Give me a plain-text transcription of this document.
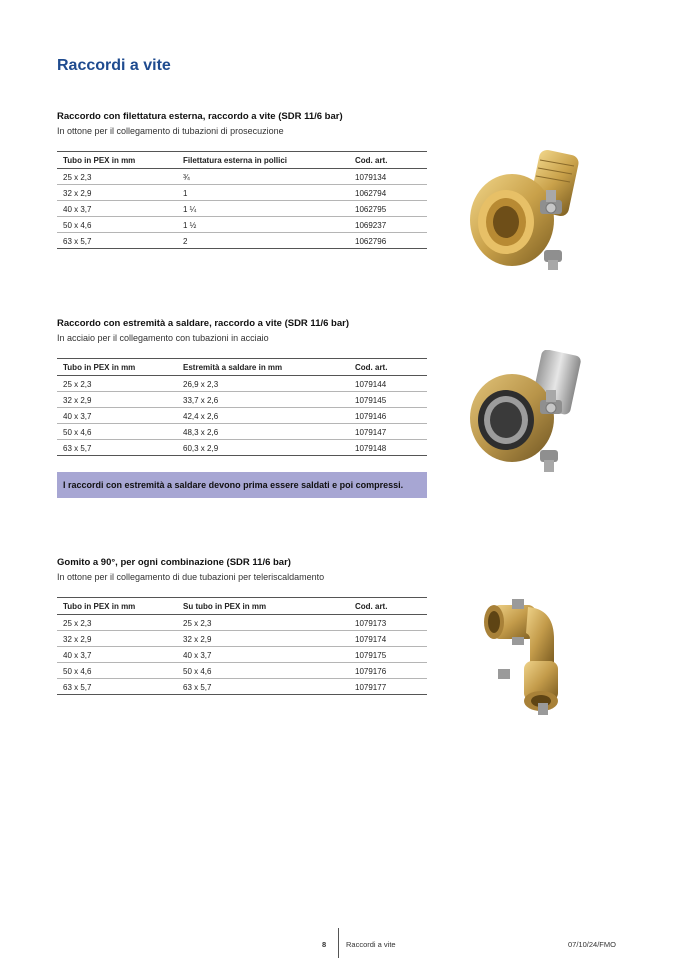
Raccordi a vite

Raccordo con filettatura esterna, raccordo a vite (SDR 11/6 bar)

In ottone per il collegamento di tubazioni di prosecuzione

Tubo in PEX in mm	Filettatura esterna in pollici	Cod. art.
25 x 2,3	¾	1079134
32 x 2,9	1	1062794
40 x 3,7	1 ¼	1062795
50 x 4,6	1 ½	1069237
63 x 5,7	2	1062796

Raccordo con estremità a saldare, raccordo a vite (SDR 11/6 bar)

In acciaio per il collegamento con tubazioni in acciaio

Tubo in PEX in mm	Estremità a saldare in mm	Cod. art.
25 x 2,3	26,9 x 2,3	1079144
32 x 2,9	33,7 x 2,6	1079145
40 x 3,7	42,4 x 2,6	1079146
50 x 4,6	48,3 x 2,6	1079147
63 x 5,7	60,3 x 2,9	1079148
I raccordi con estremità a saldare devono prima essere saldati e poi compressi.

Gomito a 90°, per ogni combinazione (SDR 11/6 bar)

In ottone per il collegamento di due tubazioni per teleriscaldamento

Tubo in PEX in mm	Su tubo in PEX in mm	Cod. art.
25 x 2,3	25 x 2,3	1079173
32 x 2,9	32 x 2,9	1079174
40 x 3,7	40 x 3,7	1079175
50 x 4,6	50 x 4,6	1079176
63 x 5,7	63 x 5,7	1079177
8	Raccordi a vite	07/10/24/FMO
